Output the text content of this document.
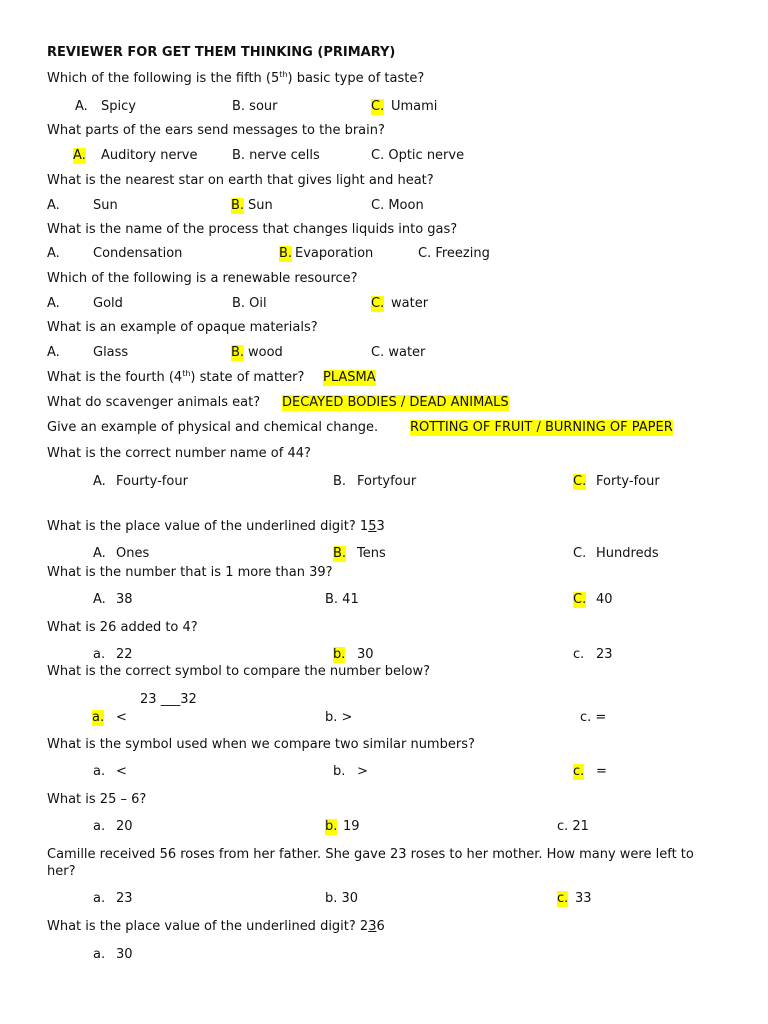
REVIEWER FOR GET THEM THINKING (PRIMARY)
Which of the following is the fifth (5th) basic type of taste?
A. Spicy	B. sour	C. Umami
What parts of the ears send messages to the brain?
A. Auditory nerve	B. nerve cells	C. Optic nerve
What is the nearest star on earth that gives light and heat?
A.	Sun	B. Sun	C. Moon
What is the name of the process that changes liquids into gas?
A.	Condensation	B. Evaporation	C. Freezing
Which of the following is a renewable resource?
A.	Gold	B. Oil	C. water
What is an example of opaque materials?
A.	Glass	B. wood	C. water
What is the fourth (4th) state of matter? PLASMA
What do scavenger animals eat? DECAYED BODIES / DEAD ANIMALS
Give an example of physical and chemical change. ROTTING OF FRUIT / BURNING OF PAPER
What is the correct number name of 44?
A. Fourty-four	B. Fortyfour	C. Forty-four
What is the place value of the underlined digit? 153
A. Ones	B. Tens	C. Hundreds
What is the number that is 1 more than 39?
A. 38	B. 41	C. 40
What is 26 added to 4?
a. 22	b. 30	c. 23
What is the correct symbol to compare the number below?
23 ___32
a. <	b. >	c. =
What is the symbol used when we compare two similar numbers?
a. <	b. >	c. =
What is 25 – 6?
a. 20	b. 19	c. 21
Camille received 56 roses from her father. She gave 23 roses to her mother. How many were left to
her?
a. 23	b. 30	c. 33
What is the place value of the underlined digit? 236
a. 30
